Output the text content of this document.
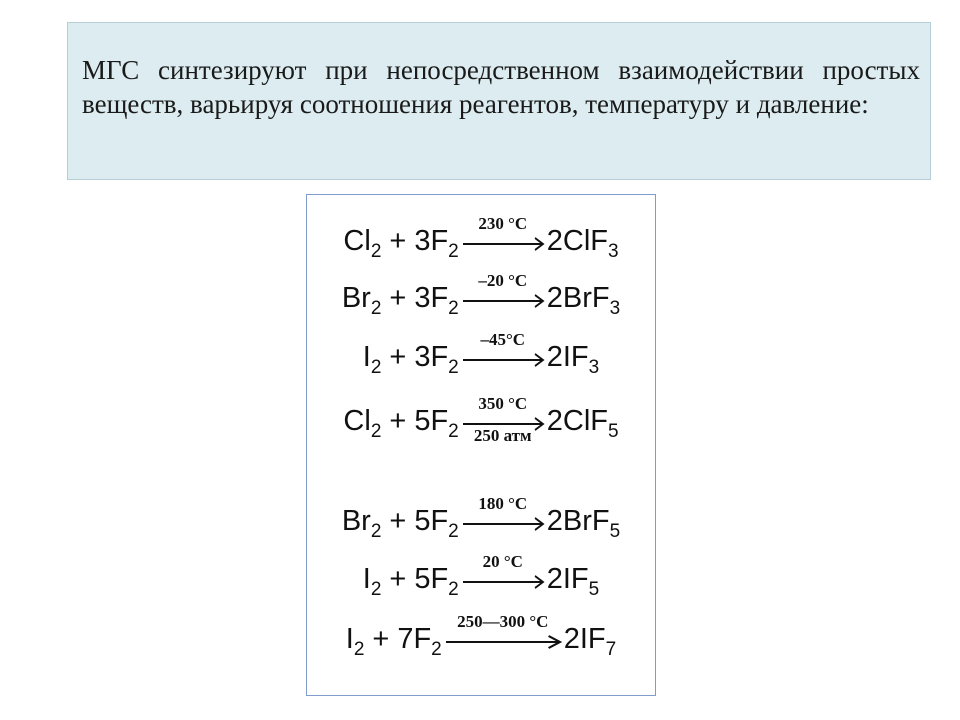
МГС синтезируют при непосредственном взаимодействии простых веществ, варьируя соотношения реагентов, температуру и давление:

$Cl_2 + 3F_2$
230 °C
2ClF$_3$
$Br_2 + 3F_2$
–20 °C
2BrF$_3$
$I_2 + 3F_2$
–45°C
$2IF_3$
$Cl_2 + 5F_2$
350 °C
250 атм 2ClF$_5$
$Br_2 + 5F_2$
180 °C
2BrF$_5$
$I_2 + 5F_2$
20 °C
$2IF_5$
$I_2 + 7F_2$
250—300 °C
$2IF_7$
